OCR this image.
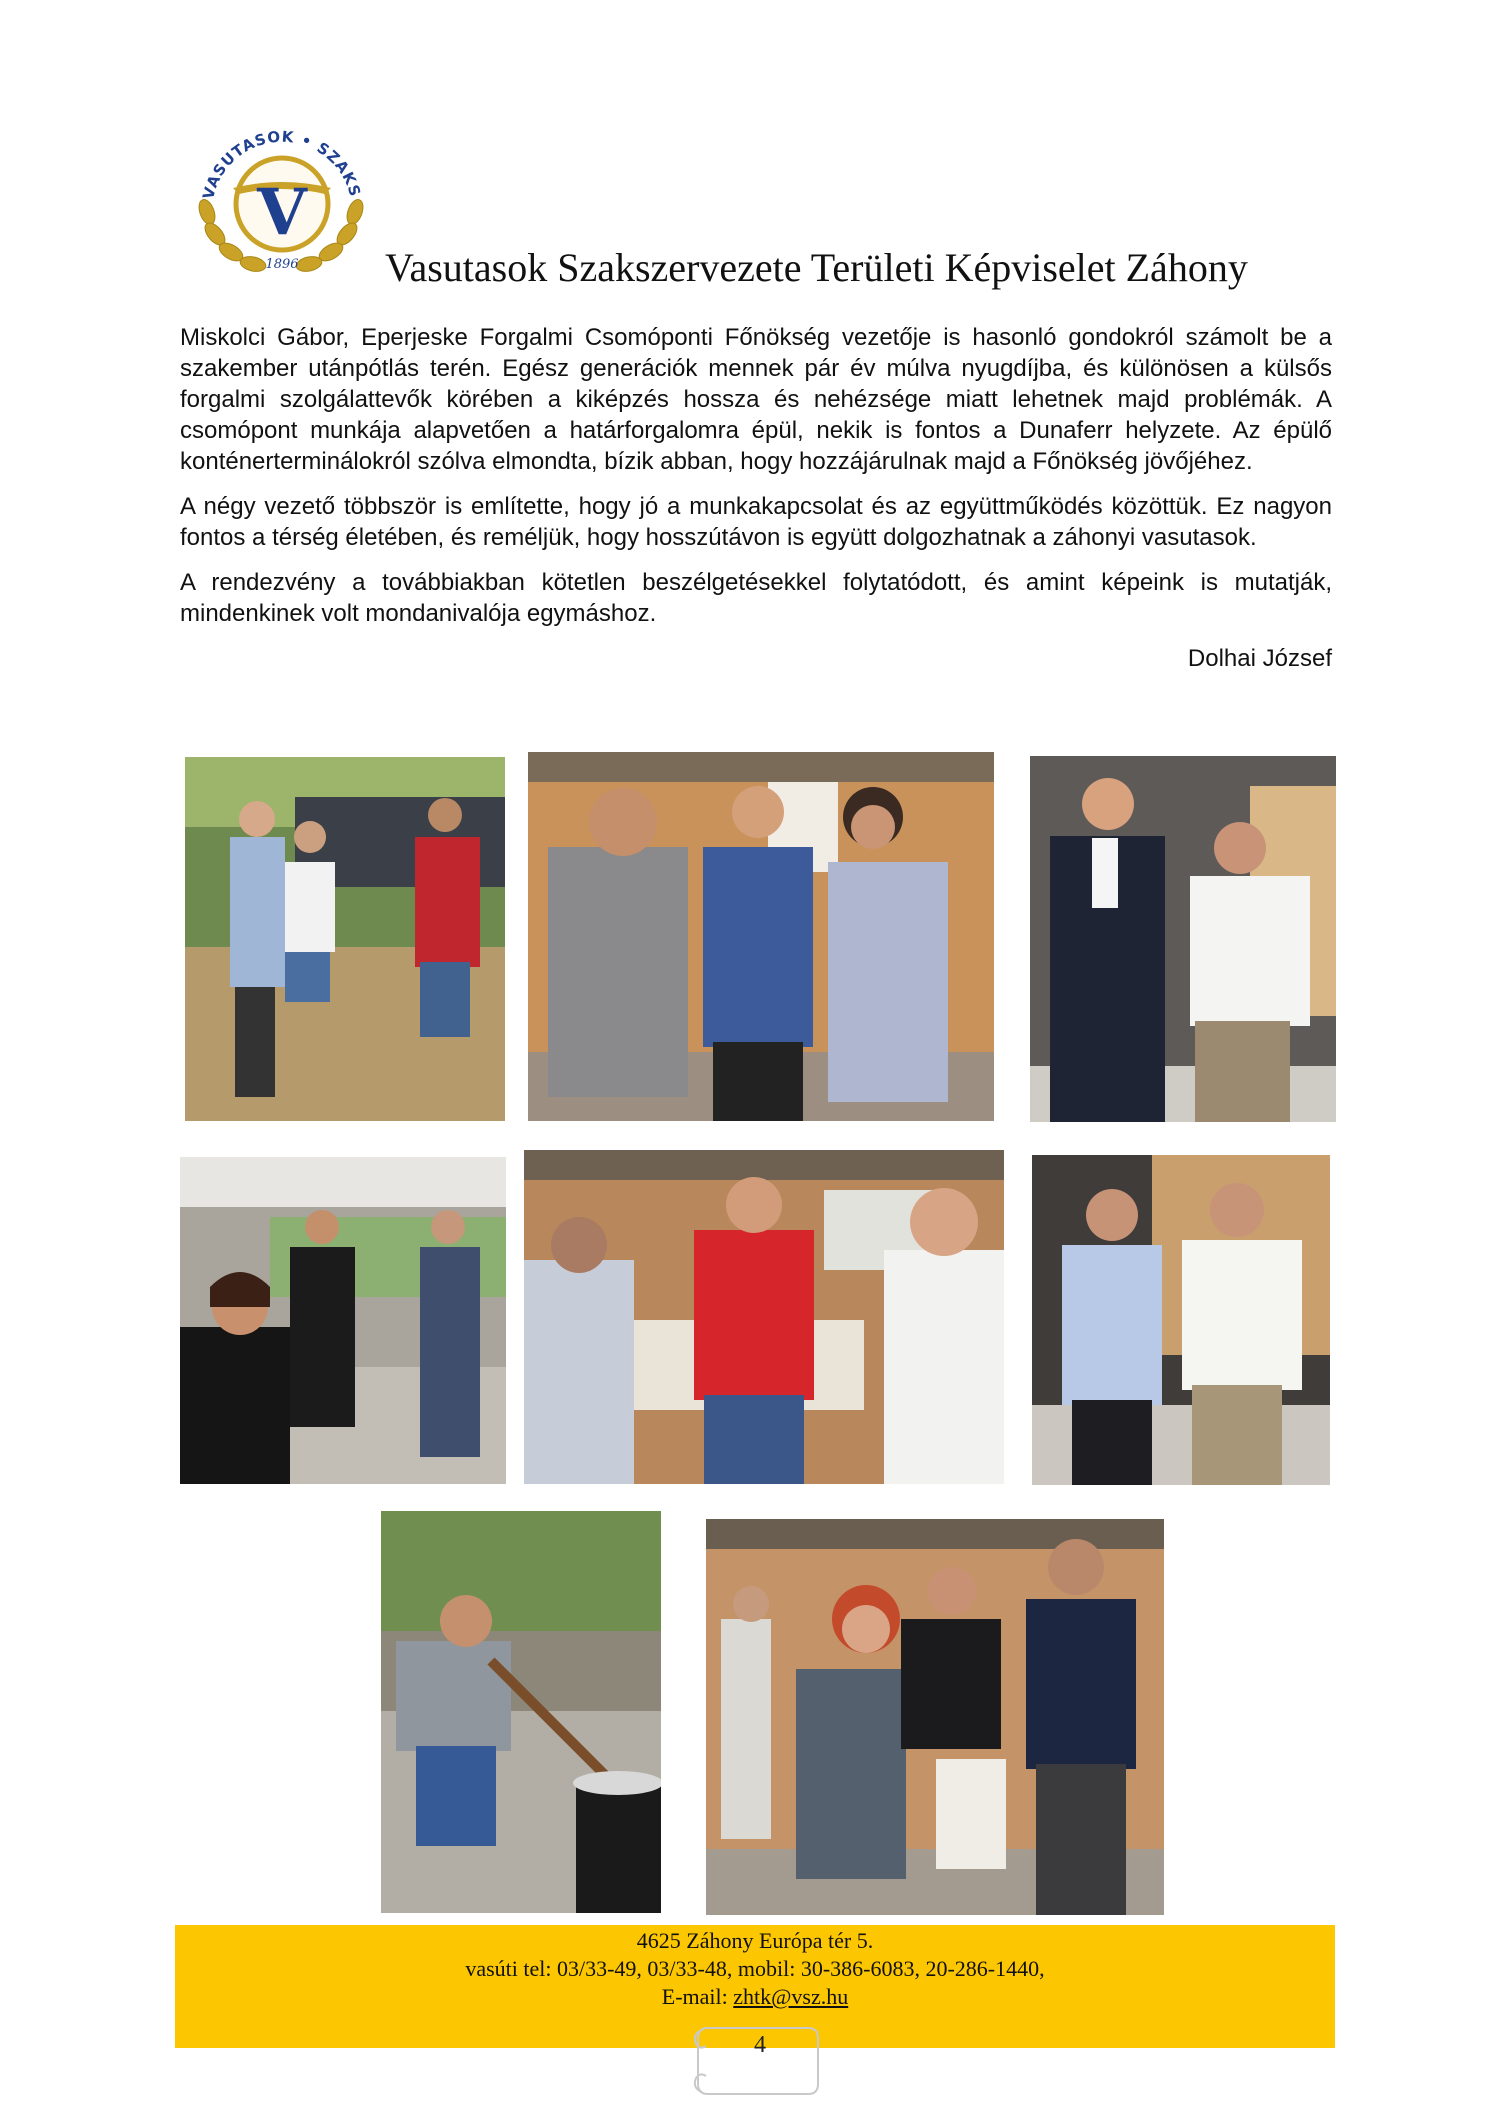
VASUTASOK • SZAKS
V
1896 Vasutasok Szakszervezete Területi Képviselet Záhony

Miskolci Gábor, Eperjeske Forgalmi Csomóponti Főnökség vezetője is hasonló gondokról számolt be a szakember utánpótlás terén. Egész generációk mennek pár év múlva nyugdíjba, és különösen a külsős forgalmi szolgálattevők körében a kiképzés hossza és nehézsége miatt lehetnek majd problémák. A csomópont munkája alapvetően a határforgalomra épül, nekik is fontos a Dunaferr helyzete. Az épülő konténerterminálokról szólva elmondta, bízik abban, hogy hozzájárulnak majd a Főnökség jövőjéhez.

A négy vezető többször is említette, hogy jó a munkakapcsolat és az együttműködés közöttük. Ez nagyon fontos a térség életében, és reméljük, hogy hosszútávon is együtt dolgozhatnak a záhonyi vasutasok.

A rendezvény a továbbiakban kötetlen beszélgetésekkel folytatódott, és amint képeink is mutatják, mindenkinek volt mondanivalója egymáshoz.

Dolhai József

4625 Záhony Európa tér 5.
vasúti tel: 03/33-49, 03/33-48, mobil: 30-386-6083, 20-286-1440,
E-mail: zhtk@vsz.hu
4
